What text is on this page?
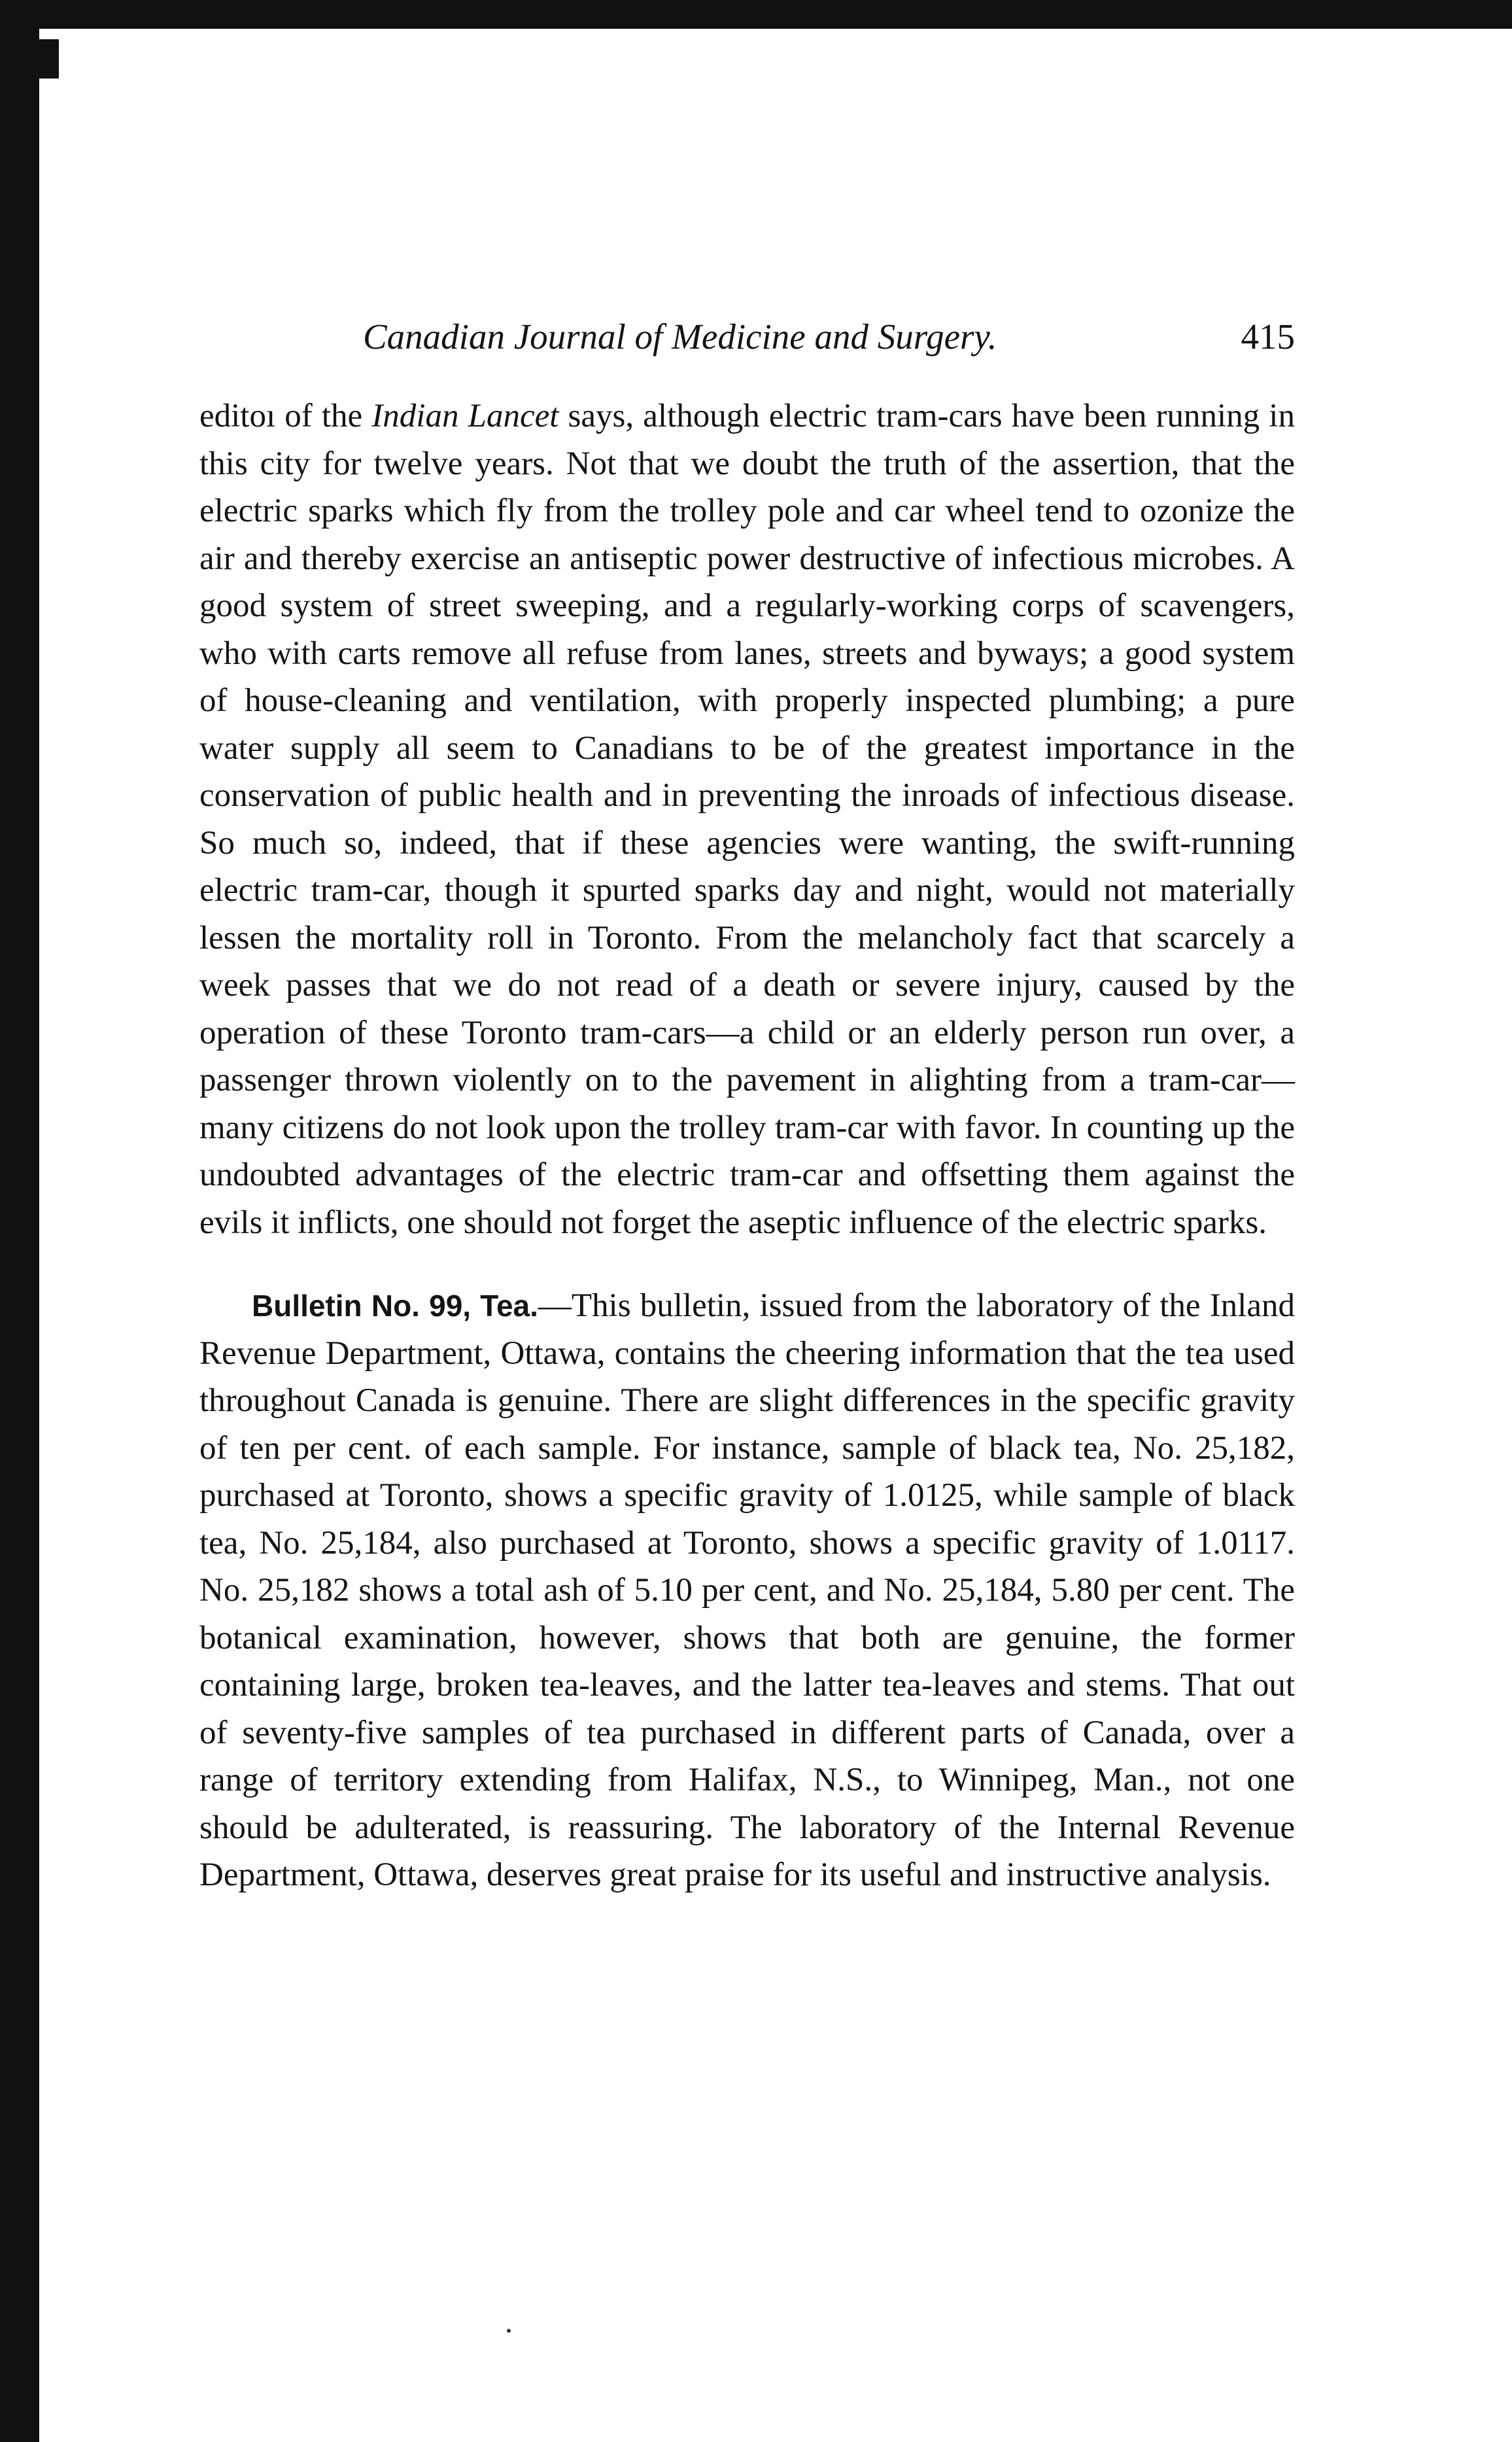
Canadian Journal of Medicine and Surgery.	415

editoı of the Indian Lancet says, although electric tram-cars have been running in this city for twelve years. Not that we doubt the truth of the assertion, that the electric sparks which fly from the trolley pole and car wheel tend to ozonize the air and thereby exercise an antiseptic power destructive of infectious microbes. A good system of street sweeping, and a regularly-working corps of scavengers, who with carts remove all refuse from lanes, streets and byways; a good system of house-cleaning and ventilation, with properly inspected plumbing; a pure water supply all seem to Canadians to be of the greatest importance in the conservation of public health and in preventing the inroads of infectious disease. So much so, indeed, that if these agencies were wanting, the swift-running electric tram-car, though it spurted sparks day and night, would not materially lessen the mortality roll in Toronto. From the melancholy fact that scarcely a week passes that we do not read of a death or severe injury, caused by the operation of these Toronto tram-cars—a child or an elderly person run over, a passenger thrown violently on to the pavement in alighting from a tram-car—many citizens do not look upon the trolley tram-car with favor. In counting up the undoubted advantages of the electric tram-car and offsetting them against the evils it inflicts, one should not forget the aseptic influence of the electric sparks.

Bulletin No. 99, Tea.—This bulletin, issued from the laboratory of the Inland Revenue Department, Ottawa, contains the cheering information that the tea used throughout Canada is genuine. There are slight differences in the specific gravity of ten per cent. of each sample. For instance, sample of black tea, No. 25,182, purchased at Toronto, shows a specific gravity of 1.0125, while sample of black tea, No. 25,184, also purchased at Toronto, shows a specific gravity of 1.0117. No. 25,182 shows a total ash of 5.10 per cent, and No. 25,184, 5.80 per cent. The botanical examination, however, shows that both are genuine, the former containing large, broken tea-leaves, and the latter tea-leaves and stems. That out of seventy-five samples of tea purchased in different parts of Canada, over a range of territory extending from Halifax, N.S., to Winnipeg, Man., not one should be adulterated, is reassuring. The laboratory of the Internal Revenue Department, Ottawa, deserves great praise for its useful and instructive analysis.
